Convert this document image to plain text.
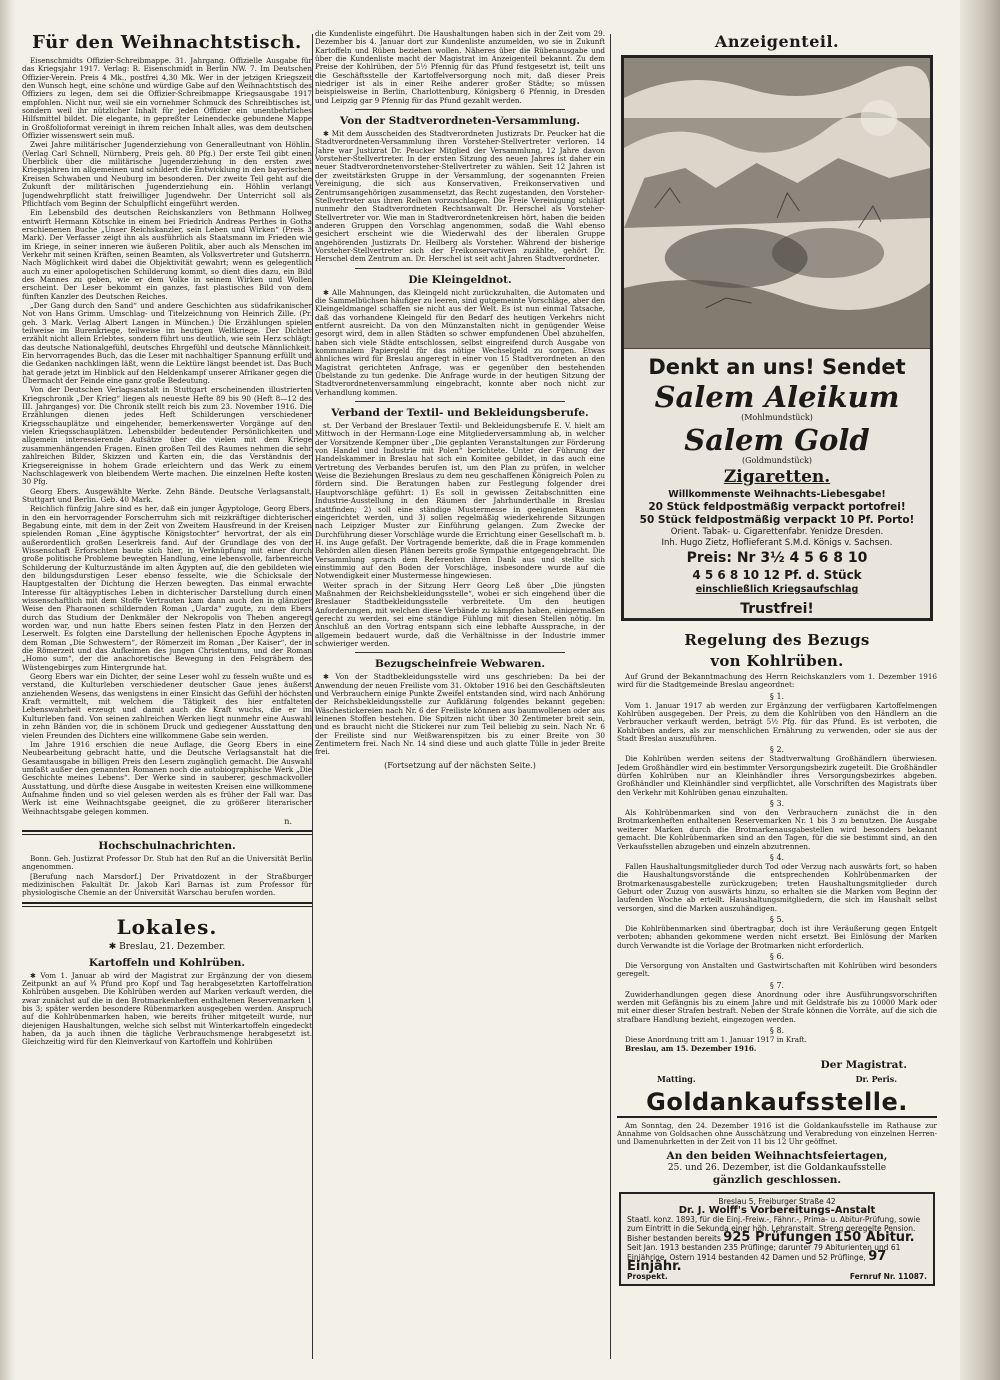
Für den Weihnachtstisch.

Eisenschmidts Offizier-Schreibmappe. 31. Jahrgang. Offizielle Ausgabe für das Kriegsjahr 1917. Verlag: R. Eisenschmidt in Berlin NW. 7. Im Deutschen Offizier-Verein. Preis 4 Mk., postfrei 4,30 Mk. Wer in der jetzigen Kriegszeit den Wunsch hegt, eine schöne und würdige Gabe auf den Weihnachtstisch des Offiziers zu legen, dem sei die Offizier-Schreibmappe Kriegsausgabe 1917 empfohlen. Nicht nur, weil sie ein vornehmer Schmuck des Schreibtisches ist, sondern weil ihr nützlicher Inhalt für jeden Offizier ein unentbehrliches Hilfsmittel bildet. Die elegante, in gepreßter Leinendecke gebundene Mappe in Großfolioformat vereinigt in ihrem reichen Inhalt alles, was dem deutschen Offizier wissenswert sein muß.

Zwei Jahre militärischer Jugenderziehung von Generalleutnant von Höhlin. (Verlag Carl Schnell, Nürnberg, Preis geh. 80 Pfg.) Der erste Teil gibt einen Überblick über die militärische Jugenderziehung in den ersten zwei Kriegsjahren im allgemeinen und schildert die Entwicklung in den bayerischen Kreisen Schwaben und Neuburg im besonderen. Der zweite Teil geht auf die Zukunft der militärischen Jugenderziehung ein. Höhlin verlangt Jugendwehrpflicht statt freiwilliger Jugendwehr. Der Unterricht soll als Pflichtfach vom Beginn der Schulpflicht eingeführt werden.

Ein Lebensbild des deutschen Reichskanzlers von Bethmann Hollweg entwirft Hermann Kötschke in einem bei Friedrich Andreas Perthes in Gotha erschienenen Buche „Unser Reichskanzler, sein Leben und Wirken“ (Preis 3 Mark). Der Verfasser zeigt ihn als ausführlich als Staatsmann im Frieden wie im Kriege, in seiner inneren wie äußeren Politik, aber auch als Menschen im Verkehr mit seinen Kräften, seinen Beamten, als Volksvertreter und Gutsherrn. Nach Möglichkeit wird dabei die Objektivität gewahrt; wenn es gelegentlich auch zu einer apologetischen Schilderung kommt, so dient dies dazu, ein Bild des Mannes zu geben, wie er dem Volke in seinem Wirken und Wollen erscheint. Der Leser bekommt ein ganzes, fast plastisches Bild von dem fünften Kanzler des Deutschen Reiches.

„Der Gang durch den Sand“ und andere Geschichten aus südafrikanischer Not von Hans Grimm. Umschlag- und Titelzeichnung von Heinrich Zille. (Pr. geh. 3 Mark. Verlag Albert Langen in München.) Die Erzählungen spielen teilweise im Burenkriege, teilweise im heutigen Weltkriege. Der Dichter erzählt nicht allein Erlebtes, sondern führt uns deutlich, wie sein Herz schlägt: das deutsche Nationalgefühl, deutsches Ehrgefühl und deutsche Männlichkeit. Ein hervorragendes Buch, das die Leser mit nachhaltiger Spannung erfüllt und die Gedanken nachklingen läßt, wenn die Lektüre längst beendet ist. Das Buch hat gerade jetzt im Hinblick auf den Heldenkampf unserer Afrikaner gegen die Übermacht der Feinde eine ganz große Bedeutung.

Von der Deutschen Verlagsanstalt in Stuttgart erscheinenden illustrierten Kriegschronik „Der Krieg“ liegen als neueste Hefte 89 bis 90 (Heft 8—12 des III. Jahrganges) vor. Die Chronik stellt reich bis zum 23. November 1916. Die Erzählungen dienen jedes Heft Schilderungen verschiedener Kriegsschauplätze und eingehender, bemerkenswerter Vorgänge auf den vielen Kriegsschauplätzen. Lebensbilder bedeutender Persönlichkeiten und allgemein interessierende Aufsätze über die vielen mit dem Kriege zusammenhängenden Fragen. Einen großen Teil des Raumes nehmen die sehr zahlreichen Bilder, Skizzen und Karten ein, die das Verständnis der Kriegsereignisse in hohem Grade erleichtern und das Werk zu einem Nachschlagewerk von bleibendem Werte machen. Die einzelnen Hefte kosten 30 Pfg.

Georg Ebers. Ausgewählte Werke. Zehn Bände. Deutsche Verlagsanstalt, Stuttgart und Berlin. Geb. 40 Mark.

Reichlich fünfzig Jahre sind es her, daß ein junger Ägyptologe, Georg Ebers, in den ein hervorragender Forscherruhm sich mit reizkräftiger dichterischer Begabung einte, mit dem in der Zeit von Zweitem Hausfreund in der Kreisen spielenden Roman „Eine ägyptische Königstochter“ hervortrat, der als ein außerordentlich großen Leserkreis fand. Auf der Grundlage des von der Wissenschaft Erforschten baute sich hier, in Verknüpfung mit einer durch große politische Probleme bewegten Handlung, eine lebensvolle, farbenreiche Schilderung der Kulturzustände im alten Ägypten auf, die den gebildeten wie den bildungsdurstigen Leser ebenso fesselte, wie die Schicksale der Hauptgestalten der Dichtung die Herzen bewegten. Das einmal erwachte Interesse für altägyptisches Leben in dichterischer Darstellung durch einen wissenschaftlich mit dem Stoffe Vertrauten kam dann auch den in glänziger Weise den Pharaonen schildernden Roman „Uarda“ zugute, zu dem Ebers durch das Studium der Denkmäler der Nekropolis von Theben angeregt worden war, und nun hatte Ebers seinen festen Platz in den Herzen der Leserwelt. Es folgten eine Darstellung der hellenischen Epoche Ägyptens in dem Roman „Die Schwestern“, der Römerzeit im Roman „Der Kaiser“, der in die Römerzeit und das Aufkeimen des jungen Christentums, und der Roman „Homo sum“, der die anachoretische Bewegung in den Felsgräbern des Wüstengebirges zum Hintergrunde hat.

Georg Ebers war ein Dichter, der seine Leser wohl zu fesseln wußte und es verstand, die Kulturleben verschiedener deutscher Gaue jenes äußerst anziehenden Wesens, das wenigstens in einer Einsicht das Gefühl der höchsten Kraft vermittelt, mit welchem die Tätigkeit des hier entfalteten Lebenswahrheit erzeugt und damit auch die Kraft wuchs, die er im Kulturleben fand. Von seinen zahlreichen Werken liegt nunmehr eine Auswahl in zehn Bänden vor, die in schönem Druck und gediegener Ausstattung den vielen Freunden des Dichters eine willkommene Gabe sein werden.

Im Jahre 1916 erschien die neue Auflage, die Georg Ebers in eine Neubearbeitung gebracht hatte, und die Deutsche Verlagsanstalt hat die Gesamtausgabe in billigen Preis den Lesern zugänglich gemacht. Die Auswahl umfaßt außer den genannten Romanen noch die autobiographische Werk „Die Geschichte meines Lebens“. Der Werke sind in sauberer, geschmackvoller Ausstattung, und dürfte diese Ausgabe in weitesten Kreisen eine willkommene Aufnahme finden und so viel gelesen werden als es früher der Fall war. Das Werk ist eine Weihnachtsgabe geeignet, die zu größerer literarischer Weihnachtsgabe gelegen kommen.

n.
Hochschulnachrichten.

Bonn. Geh. Justizrat Professor Dr. Stub hat den Ruf an die Universität Berlin angenommen.

[Berufung nach Marsdorf.] Der Privatdozent in der Straßburger medizinischen Fakultät Dr. Jakob Karl Barnas ist zum Professor für physiologische Chemie an der Universität Warschau berufen worden.

Lokales.
✱ Breslau, 21. Dezember.
Kartoffeln und Kohlrüben.

✱ Vom 1. Januar ab wird der Magistrat zur Ergänzung der von diesem Zeitpunkt an auf ¾ Pfund pro Kopf und Tag herabgesetzten Kartoffelration Kohlrüben ausgeben. Die Kohlrüben werden auf Marken verkauft werden, die zwar zunächst auf die in den Brotmarkenheften enthaltenen Reservemarken 1 bis 3; später werden besondere Rübenmarken ausgegeben werden. Anspruch auf die Kohlrübenmarken haben, wie bereits früher mitgeteilt wurde, nur diejenigen Haushaltungen, welche sich selbst mit Winterkartoffeln eingedeckt haben, da ja auch ihnen die tägliche Verbrauchsmenge herabgesetzt ist. Gleichzeitig wird für den Kleinverkauf von Kartoffeln und Kohlrüben

die Kundenliste eingeführt. Die Haushaltungen haben sich in der Zeit vom 29. Dezember bis 4. Januar dort zur Kundenliste anzumelden, wo sie in Zukunft Kartoffeln und Rüben beziehen wollen. Näheres über die Rübenausgabe und über die Kundenliste macht der Magistrat im Anzeigenteil bekannt. Zu dem Preise der Kohlrüben, der 5½ Pfennig für das Pfund festgesetzt ist, teilt uns die Geschäftsstelle der Kartoffelversorgung noch mit, daß dieser Preis niedriger ist als in einer Reihe anderer großer Städte; so müssen beispielsweise in Berlin, Charlottenburg, Königsberg 6 Pfennig, in Dresden und Leipzig gar 9 Pfennig für das Pfund gezahlt werden.

Von der Stadtverordneten-Versammlung.

✱ Mit dem Ausscheiden des Stadtverordneten Justizrats Dr. Peucker hat die Stadtverordneten-Versammlung ihren Vorsteher-Stellvertreter verloren. 14 Jahre war Justizrat Dr. Peucker Mitglied der Versammlung, 12 Jahre davon Vorsteher-Stellvertreter. In der ersten Sitzung des neuen Jahres ist daher ein neuer Stadtverordnetenvorsteher-Stellvertreter zu wählen. Seit 12 Jahren ist der zweitstärksten Gruppe in der Versammlung, der sogenannten Freien Vereinigung, die sich aus Konservativen, Freikonservativen und Zentrumsangehörigen zusammensetzt, das Recht zugestanden, den Vorsteher-Stellvertreter aus ihren Reihen vorzuschlagen. Die Freie Vereinigung schlägt nunmehr den Stadtverordneten Rechtsanwalt Dr. Herschel als Vorsteher-Stellvertreter vor. Wie man in Stadtverordnetenkreisen hört, haben die beiden anderen Gruppen den Vorschlag angenommen, sodaß die Wahl ebenso gesichert erscheint wie die Wiederwahl des der liberalen Gruppe angehörenden Justizrats Dr. Heilberg als Vorsteher. Während der bisherige Vorsteher-Stellvertreter sich der Freikonservativen zuzählte, gehört Dr. Herschel dem Zentrum an. Dr. Herschel ist seit acht Jahren Stadtverordneter.

Die Kleingeldnot.

✱ Alle Mahnungen, das Kleingeld nicht zurückzuhalten, die Automaten und die Sammelbüchsen häufiger zu leeren, sind gutgemeinte Vorschläge, aber den Kleingeldmangel schaffen sie nicht aus der Welt. Es ist nun einmal Tatsache, daß das vorhandene Kleingeld für den Bedarf des heutigen Verkehrs nicht entfernt ausreicht. Da von den Münzanstalten nicht in genügender Weise gesorgt wird, dem in allen Städten so schwer empfundenen Übel abzuhelfen, haben sich viele Städte entschlossen, selbst eingreifend durch Ausgabe von kommunalem Papiergeld für das nötige Wechselgeld zu sorgen. Etwas ähnliches wird für Breslau angeregt in einer von 15 Stadtverordneten an den Magistrat gerichteten Anfrage, was er gegenüber den bestehenden Übelstande zu tun gedenke. Die Anfrage wurde in der heutigen Sitzung der Stadtverordnetenversammlung eingebracht, konnte aber noch nicht zur Verhandlung kommen.

Verband der Textil- und Bekleidungsberufe.

st. Der Verband der Breslauer Textil- und Bekleidungsberufe E. V. hielt am Mittwoch in der Hermann-Loge eine Mitgliederversammlung ab, in welcher der Vorsitzende Kempner über „Die geplanten Veranstaltungen zur Förderung von Handel und Industrie mit Polen“ berichtete. Unter der Führung der Handelskammer in Breslau hat sich ein Komitee gebildet, in das auch eine Vertretung des Verbandes berufen ist, um den Plan zu prüfen, in welcher Weise die Beziehungen Breslaus zu dem neu geschaffenen Königreich Polen zu fördern sind. Die Beratungen haben zur Festlegung folgender drei Hauptvorschläge geführt: 1) Es soll in gewissen Zeitabschnitten eine Industrie-Ausstellung in den Räumen der Jahrhunderthalle in Breslau stattfinden; 2) soll eine ständige Mustermesse in geeigneten Räumen eingerichtet werden, und 3) sollen regelmäßig wiederkehrende Sitzungen nach Leipziger Muster zur Einführung gelangen. Zum Zwecke der Durchführung dieser Vorschläge wurde die Errichtung einer Gesellschaft m. b. H. ins Auge gefaßt. Der Vortragende bemerkte, daß die in Frage kommenden Behörden allen diesen Plänen bereits große Sympathie entgegengebracht. Die Versammlung sprach dem Referenten ihren Dank aus und stellte sich einstimmig auf den Boden der Vorschläge, insbesondere wurde auf die Notwendigkeit einer Mustermesse hingewiesen.

Weiter sprach in der Sitzung Herr Georg Leß über „Die jüngsten Maßnahmen der Reichsbekleidungsstelle“, wobei er sich eingehend über die Breslauer Stadtbekleidungsstelle verbreitete. Um den heutigen Anforderungen, mit welchen diese Verbände zu kämpfen haben, einigermaßen gerecht zu werden, sei eine ständige Fühlung mit diesen Stellen nötig. Im Anschluß an den Vortrag entspann sich eine lebhafte Aussprache, in der allgemein bedauert wurde, daß die Verhältnisse in der Industrie immer schwieriger werden.

Bezugscheinfreie Webwaren.

✱ Von der Stadtbekleidungsstelle wird uns geschrieben: Da bei der Anwendung der neuen Freiliste vom 31. Oktober 1916 bei den Geschäftsleuten und Verbrauchern einige Punkte Zweifel entstanden sind, wird nach Anhörung der Reichsbekleidungsstelle zur Aufklärung folgendes bekannt gegeben: Wäschestickereien nach Nr. 6 der Freiliste können aus baumwollenen oder aus leinenen Stoffen bestehen. Die Spitzen nicht über 30 Zentimeter breit sein, und es braucht nicht die Stickerei nur zum Teil beliebig zu sein. Nach Nr. 6 der Freiliste sind nur Weißwarenspitzen bis zu einer Breite von 30 Zentimetern frei. Nach Nr. 14 sind diese und auch glatte Tülle in jeder Breite frei.

(Fortsetzung auf der nächsten Seite.)
Anzeigenteil.
Denkt an uns! Sendet
Salem Aleikum
(Mohlmundstück)
Salem Gold
(Goldmundstück)
Zigaretten.
Willkommenste Weihnachts-Liebesgabe!
20 Stück feldpostmäßig verpackt portofrei!
50 Stück feldpostmäßig verpackt 10 Pf. Porto!
Orient. Tabak- u. Cigarettenfabr. Yenidze Dresden.
Inh. Hugo Zietz, Hoflieferant S.M.d. Königs v. Sachsen.
Preis: Nr 3½ 4 5 6 8 10
4 5 6 8 10 12 Pf. d. Stück
einschließlich Kriegsaufschlag
Trustfrei!
Regelung des Bezugs
von Kohlrüben.

Auf Grund der Bekanntmachung des Herrn Reichskanzlers vom 1. Dezember 1916 wird für die Stadtgemeinde Breslau angeordnet:

§ 1.

Vom 1. Januar 1917 ab werden zur Ergänzung der verfügbaren Kartoffelmengen Kohlrüben ausgegeben. Der Preis, zu dem die Kohlrüben von den Händlern an die Verbraucher verkauft werden, beträgt 5½ Pfg. für das Pfund. Es ist verboten, die Kohlrüben anders, als zur menschlichen Ernährung zu verwenden, oder sie aus der Stadt Breslau auszuführen.

§ 2.

Die Kohlrüben werden seitens der Stadtverwaltung Großhändlern überwiesen. Jedem Großhändler wird ein bestimmter Versorgungsbezirk zugeteilt. Die Großhändler dürfen Kohlrüben nur an Kleinhändler ihres Versorgungsbezirkes abgeben. Großhändler und Kleinhändler sind verpflichtet, alle Vorschriften des Magistrats über den Verkehr mit Kohlrüben genau einzuhalten.

§ 3.

Als Kohlrübenmarken sind von den Verbrauchern zunächst die in den Brotmarkenheften enthaltenen Reservemarken Nr. 1 bis 3 zu benutzen. Die Ausgabe weiterer Marken durch die Brotmarkenausgabestellen wird besonders bekannt gemacht. Die Kohlrübenmarken sind an den Tagen, für die sie bestimmt sind, an den Verkaufsstellen abzugeben und einzeln abzutrennen.

§ 4.

Fallen Haushaltungsmitglieder durch Tod oder Verzug nach auswärts fort, so haben die Haushaltungsvorstände die entsprechenden Kohlrübenmarken der Brotmarkenausgabestelle zurückzugeben; treten Haushaltungsmitglieder durch Geburt oder Zuzug von auswärts hinzu, so erhalten sie die Marken vom Beginn der laufenden Woche ab erteilt. Haushaltungsmitgliedern, die sich im Haushalt selbst versorgen, sind die Marken auszuhändigen.

§ 5.

Die Kohlrübenmarken sind übertragbar, doch ist ihre Veräußerung gegen Entgelt verboten; abhanden gekommene werden nicht ersetzt. Bei Einlösung der Marken durch Verwandte ist die Vorlage der Brotmarken nicht erforderlich.

§ 6.

Die Versorgung von Anstalten und Gastwirtschaften mit Kohlrüben wird besonders geregelt.

§ 7.

Zuwiderhandlungen gegen diese Anordnung oder ihre Ausführungsvorschriften werden mit Gefängnis bis zu einem Jahre und mit Geldstrafe bis zu 10000 Mark oder mit einer dieser Strafen bestraft. Neben der Strafe können die Vorräte, auf die sich die strafbare Handlung bezieht, eingezogen werden.

§ 8.

Diese Anordnung tritt am 1. Januar 1917 in Kraft.

Breslau, am 15. Dezember 1916.

Der Magistrat.
Matting.	Dr. Peris.
Goldankaufsstelle.

Am Sonntag, den 24. Dezember 1916 ist die Goldankaufsstelle im Rathause zur Annahme von Goldsachen ohne Ausschätzung und Verabredung von einzelnen Herren- und Damenuhrketten in der Zeit von 11 bis 12 Uhr geöffnet.

An den beiden Weihnachtsfeiertagen,
25. und 26. Dezember, ist die Goldankaufsstelle
gänzlich geschlossen.
Breslau 5, Freiburger Straße 42
Dr. J. Wolff's Vorbereitungs-Anstalt
Staatl. konz. 1893, für die Einj.-Freiw.-, Fähnr.-, Prima- u. Abitur-Prüfung, sowie zum Eintritt in die Sekunda einer höh. Lehranstalt. Streng geregelte Pension.
Bisher bestanden bereits 925 Prüfungen 150 Abitur.
Seit Jan. 1913 bestanden 235 Prüflinge; darunter 79 Abiturienten und 61 Einjährige. Ostern 1914 bestanden 42 Damen und 52 Prüflinge, 97 Einjähr.
Prospekt.	Fernruf Nr. 11087.
